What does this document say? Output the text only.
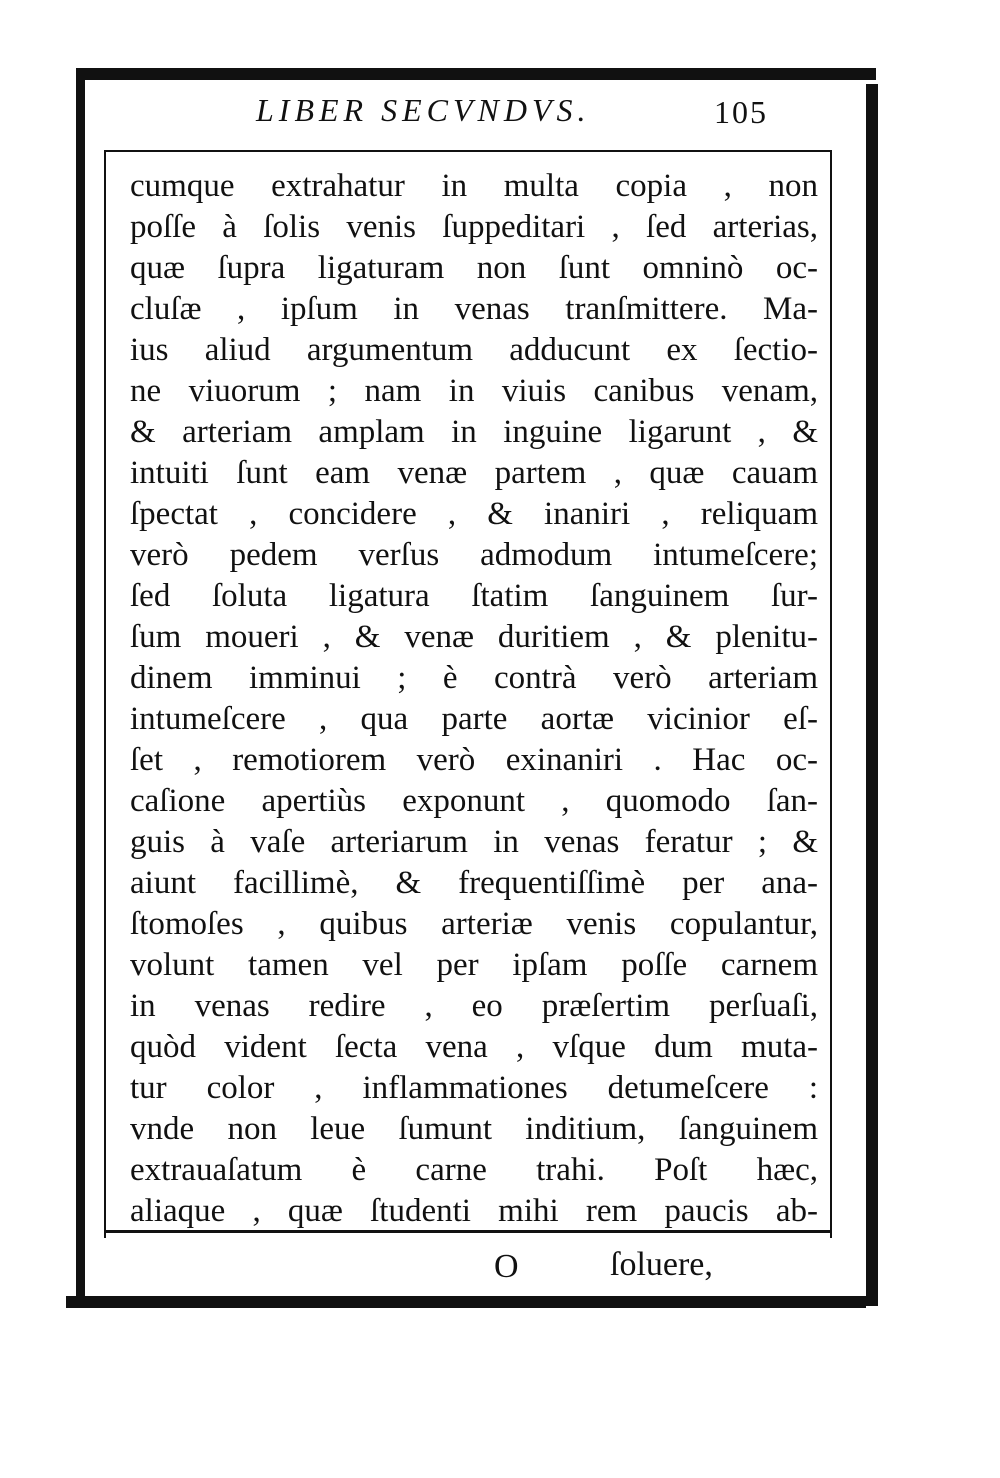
LIBER SECVNDVS.	105
cumque extrahatur in multa copia , non
poſſe à ſolis venis ſuppeditari , ſed arterias,
quæ ſupra ligaturam non ſunt omninò oc-
cluſæ , ipſum in venas tranſmittere. Ma-
ius aliud argumentum adducunt ex ſectio-
ne viuorum ; nam in viuis canibus venam,
& arteriam amplam in inguine ligarunt , &
intuiti ſunt eam venæ partem , quæ cauam
ſpectat , concidere , & inaniri , reliquam
verò pedem verſus admodum intumeſcere;
ſed ſoluta ligatura ſtatim ſanguinem ſur-
ſum moueri , & venæ duritiem , & plenitu-
dinem imminui ; è contrà verò arteriam
intumeſcere , qua parte aortæ vicinior eſ-
ſet , remotiorem verò exinaniri . Hac oc-
caſione apertiùs exponunt , quomodo ſan-
guis à vaſe arteriarum in venas feratur ; &
aiunt facillimè, & frequentiſſimè per ana-
ſtomoſes , quibus arteriæ venis copulantur,
volunt tamen vel per ipſam poſſe carnem
in venas redire , eo præſertim perſuaſi,
quòd vident ſecta vena , vſque dum muta-
tur color , inflammationes detumeſcere :
vnde non leue ſumunt inditium, ſanguinem
extrauaſatum è carne trahi. Poſt hæc,
aliaque , quæ ſtudenti mihi rem paucis ab-
O	ſoluere,
